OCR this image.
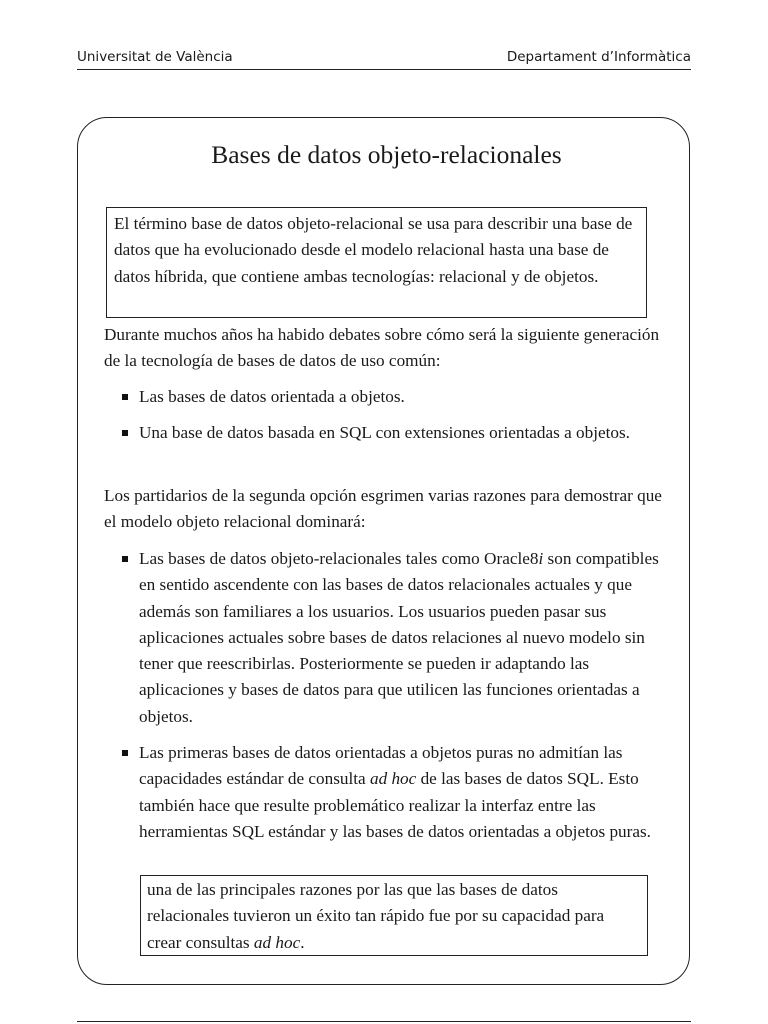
Universitat de València	Departament d’Informàtica
Bases de datos objeto-relacionales

El término base de datos objeto-relacional se usa para describir una base de datos que ha evolucionado desde el modelo relacional hasta una base de datos híbrida, que contiene ambas tecnologías: relacional y de objetos.

Durante muchos años ha habido debates sobre cómo será la siguiente generación de la tecnología de bases de datos de uso común:

Las bases de datos orientada a objetos.
Una base de datos basada en SQL con extensiones orientadas a objetos.

Los partidarios de la segunda opción esgrimen varias razones para demostrar que el modelo objeto relacional dominará:

Las bases de datos objeto-relacionales tales como Oracle8i son compatibles en sentido ascendente con las bases de datos relacionales actuales y que además son familiares a los usuarios. Los usuarios pueden pasar sus aplicaciones actuales sobre bases de datos relaciones al nuevo modelo sin tener que reescribirlas. Posteriormente se pueden ir adaptando las aplicaciones y bases de datos para que utilicen las funciones orientadas a objetos.
Las primeras bases de datos orientadas a objetos puras no admitían las capacidades estándar de consulta ad hoc de las bases de datos SQL. Esto también hace que resulte problemático realizar la interfaz entre las herramientas SQL estándar y las bases de datos orientadas a objetos puras.

una de las principales razones por las que las bases de datos relacionales tuvieron un éxito tan rápido fue por su capacidad para crear consultas ad hoc.
